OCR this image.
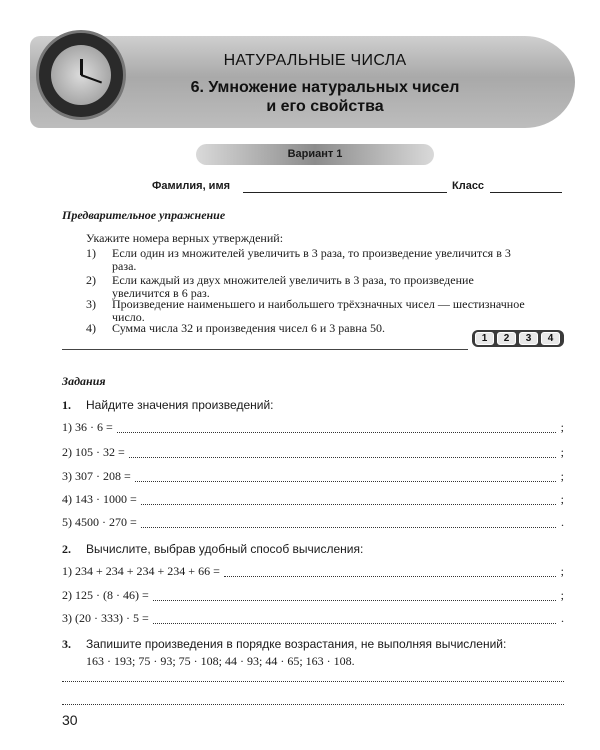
НАТУРАЛЬНЫЕ ЧИСЛА
6. Умножение натуральных чисел
и его свойства
Вариант 1
Фамилия, имя	Класс
Предварительное упражнение
Укажите номера верных утверждений:
1)	Если один из множителей увеличить в 3 раза, то произведение увеличится в 3
раза.
2)	Если каждый из двух множителей увеличить в 3 раза, то произведение
увеличится в 6 раз.
3)	Произведение наименьшего и наибольшего трёхзначных чисел — шестизначное
число.
4)	Сумма числа 32 и произведения чисел 6 и 3 равна 50.
1	2	3	4
Задания
1. Найдите значения произведений:
1) 36 · 6 =	;
2) 105 · 32 =	;
3) 307 · 208 =	;
4) 143 · 1000 =	;
5) 4500 · 270 =	.
2. Вычислите, выбрав удобный способ вычисления:
1) 234 + 234 + 234 + 234 + 66 =	;
2) 125 · (8 · 46) =	;
3) (20 · 333) · 5 =	.
3. Запишите произведения в порядке возрастания, не выполняя вычислений:
163 · 193; 75 · 93; 75 · 108; 44 · 93; 44 · 65; 163 · 108.
30
